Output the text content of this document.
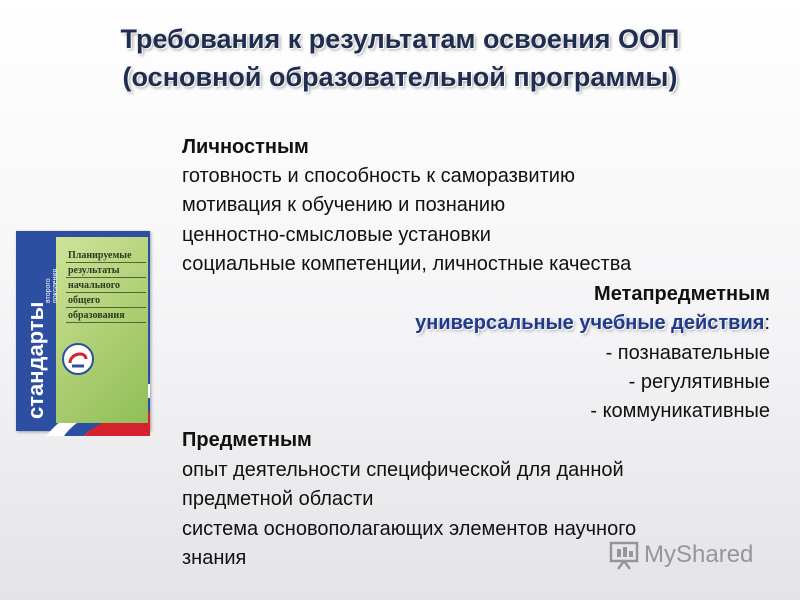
Требования к результатам освоения ООП
(основной образовательной программы)
Планируемые
результаты
начального
общего
образования
стандарты
второго поколения
Личностным
готовность и способность к саморазвитию
мотивация к обучению и познанию
ценностно-смысловые установки
социальные компетенции, личностные качества
Метапредметным
универсальные учебные действия:
- познавательные
- регулятивные
- коммуникативные
Предметным
опыт деятельности специфической для данной
предметной области
система основополагающих элементов научного
знания	MyShared
